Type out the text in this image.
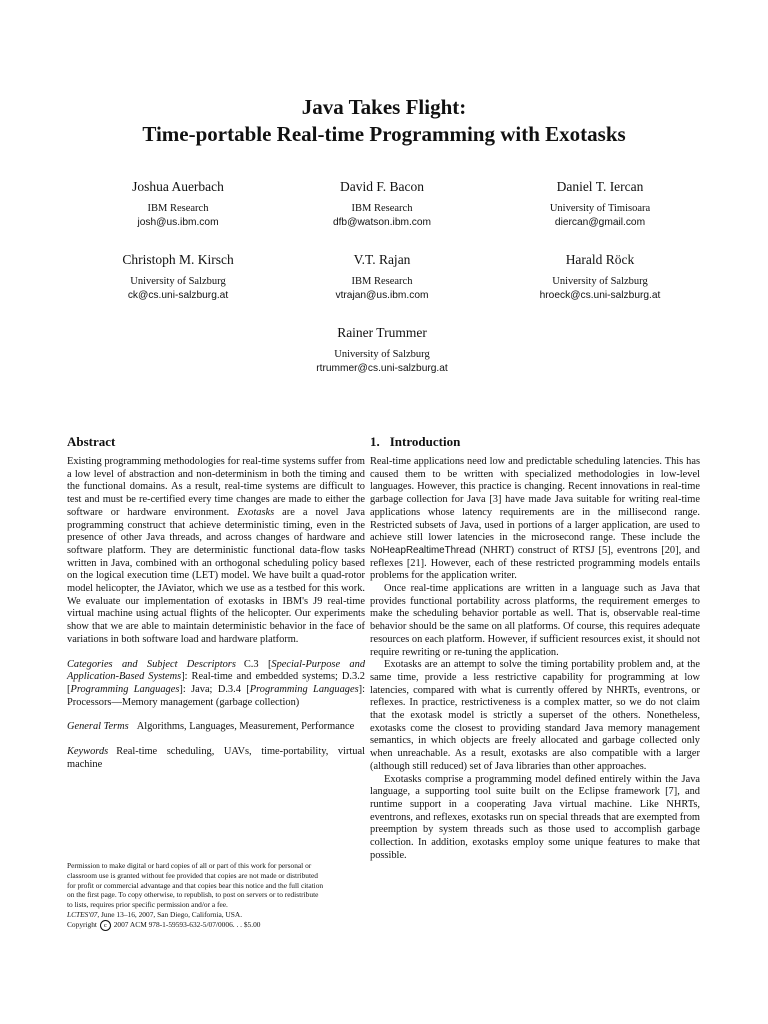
Java Takes Flight:
Time-portable Real-time Programming with Exotasks
Joshua Auerbach
IBM Research
josh@us.ibm.com
David F. Bacon
IBM Research
dfb@watson.ibm.com
Daniel T. Iercan
University of Timisoara
diercan@gmail.com
Christoph M. Kirsch
University of Salzburg
ck@cs.uni-salzburg.at
V.T. Rajan
IBM Research
vtrajan@us.ibm.com
Harald Röck
University of Salzburg
hroeck@cs.uni-salzburg.at
Rainer Trummer
University of Salzburg
rtrummer@cs.uni-salzburg.at
Abstract

Existing programming methodologies for real-time systems suffer from a low level of abstraction and non-determinism in both the timing and the functional domains. As a result, real-time systems are difficult to test and must be re-certified every time changes are made to either the software or hardware environment. Exotasks are a novel Java programming construct that achieve deterministic timing, even in the presence of other Java threads, and across changes of hardware and software platform. They are deterministic functional data-flow tasks written in Java, combined with an orthogonal scheduling policy based on the logical execution time (LET) model. We have built a quad-rotor model helicopter, the JAviator, which we use as a testbed for this work. We evaluate our implementation of exotasks in IBM's J9 real-time virtual machine using actual flights of the helicopter. Our experiments show that we are able to maintain deterministic behavior in the face of variations in both software load and hardware platform.

Categories and Subject Descriptors C.3 [Special-Purpose and Application-Based Systems]: Real-time and embedded systems; D.3.2 [Programming Languages]: Java; D.3.4 [Programming Languages]: Processors—Memory management (garbage collection)
General Terms Algorithms, Languages, Measurement, Performance
Keywords Real-time scheduling, UAVs, time-portability, virtual machine
Permission to make digital or hard copies of all or part of this work for personal or
classroom use is granted without fee provided that copies are not made or distributed
for profit or commercial advantage and that copies bear this notice and the full citation
on the first page. To copy otherwise, to republish, to post on servers or to redistribute
to lists, requires prior specific permission and/or a fee.
LCTES'07, June 13–16, 2007, San Diego, California, USA.
Copyright c 2007 ACM 978-1-59593-632-5/07/0006. . . $5.00
1. Introduction

Real-time applications need low and predictable scheduling latencies. This has caused them to be written with specialized methodologies in low-level languages. However, this practice is changing. Recent innovations in real-time garbage collection for Java [3] have made Java suitable for writing real-time applications whose latency requirements are in the millisecond range. Restricted subsets of Java, used in portions of a larger application, are used to achieve still lower latencies in the microsecond range. These include the NoHeapRealtimeThread (NHRT) construct of RTSJ [5], eventrons [20], and reflexes [21]. However, each of these restricted programming models entails problems for the application writer.

Once real-time applications are written in a language such as Java that provides functional portability across platforms, the requirement emerges to make the scheduling behavior portable as well. That is, observable real-time behavior should be the same on all platforms. Of course, this requires adequate resources on each platform. However, if sufficient resources exist, it should not require rewriting or re-tuning the application.

Exotasks are an attempt to solve the timing portability problem and, at the same time, provide a less restrictive capability for programming at low latencies, compared with what is currently offered by NHRTs, eventrons, or reflexes. In practice, restrictiveness is a complex matter, so we do not claim that the exotask model is strictly a superset of the others. Nonetheless, exotasks come the closest to providing standard Java memory management semantics, in which objects are freely allocated and garbage collected only when unreachable. As a result, exotasks are also compatible with a larger (although still reduced) set of Java libraries than other approaches.

Exotasks comprise a programming model defined entirely within the Java language, a supporting tool suite built on the Eclipse framework [7], and runtime support in a cooperating Java virtual machine. Like NHRTs, eventrons, and reflexes, exotasks run on special threads that are exempted from preemption by system threads such as those used to accomplish garbage collection. In addition, exotasks employ some unique features to make that possible.
